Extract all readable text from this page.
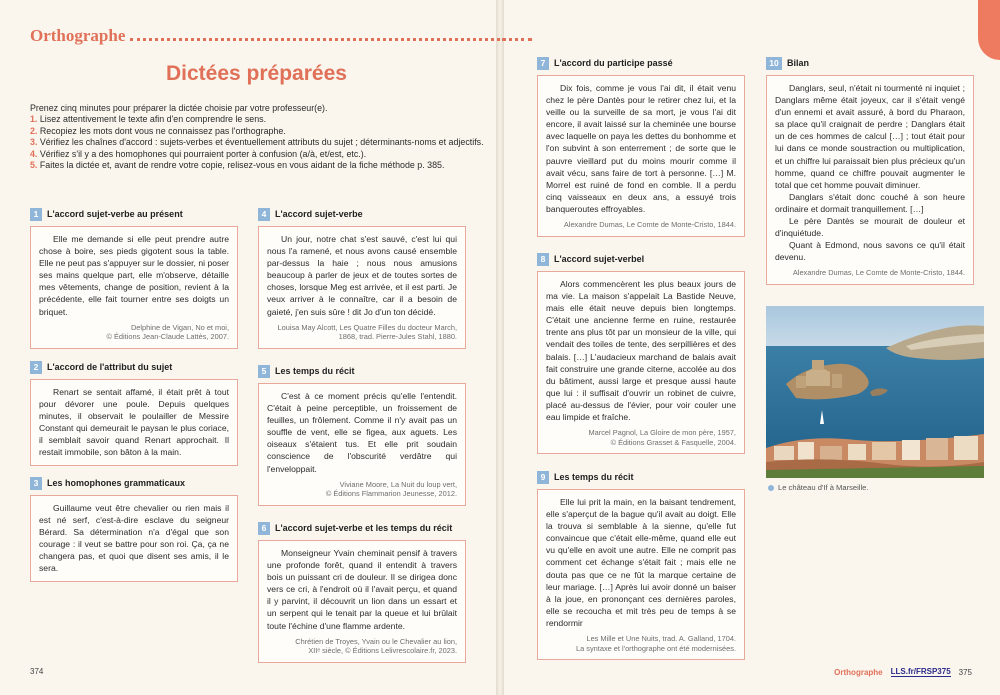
Orthographe
Dictées préparées

Prenez cinq minutes pour préparer la dictée choisie par votre professeur(e).

1. Lisez attentivement le texte afin d'en comprendre le sens.
2. Recopiez les mots dont vous ne connaissez pas l'orthographe.
3. Vérifiez les chaînes d'accord : sujets-verbes et éventuellement attributs du sujet ; déterminants-noms et adjectifs.
4. Vérifiez s'il y a des homophones qui pourraient porter à confusion (a/à, et/est, etc.).
5. Faites la dictée et, avant de rendre votre copie, relisez-vous en vous aidant de la fiche méthode p. 385.
1 L'accord sujet-verbe au présent

Elle me demande si elle peut prendre autre chose à boire, ses pieds gigotent sous la table. Elle ne peut pas s'appuyer sur le dossier, ni poser ses mains quelque part, elle m'observe, détaille mes vêtements, change de position, revient à la précédente, elle fait tourner entre ses doigts un briquet.

Delphine de Vigan, No et moi,
© Éditions Jean-Claude Lattès, 2007.

2 L'accord de l'attribut du sujet

Renart se sentait affamé, il était prêt à tout pour dévorer une poule. Depuis quelques minutes, il observait le poulailler de Messire Constant qui demeurait le paysan le plus coriace, il semblait savoir quand Renart approchait. Il restait immobile, son bâton à la main.

3 Les homophones grammaticaux

Guillaume veut être chevalier ou rien mais il est né serf, c'est-à-dire esclave du seigneur Bérard. Sa détermination n'a d'égal que son courage : il veut se battre pour son roi. Ça, ça ne changera pas, et quoi que disent ses amis, il le sera.

4 L'accord sujet-verbe

Un jour, notre chat s'est sauvé, c'est lui qui nous l'a ramené, et nous avons causé ensemble par-dessus la haie ; nous nous amusions beaucoup à parler de jeux et de toutes sortes de choses, lorsque Meg est arrivée, et il est parti. Je veux arriver à le connaître, car il a besoin de gaieté, j'en suis sûre ! dit Jo d'un ton décidé.

Louisa May Alcott, Les Quatre Filles du docteur March,
1868, trad. Pierre-Jules Stahl, 1880.

5 Les temps du récit

C'est à ce moment précis qu'elle l'entendit. C'était à peine perceptible, un froissement de feuilles, un frôlement. Comme il n'y avait pas un souffle de vent, elle se figea, aux aguets. Les oiseaux s'étaient tus. Et elle prit soudain conscience de l'obscurité verdâtre qui l'enveloppait.

Viviane Moore, La Nuit du loup vert,
© Éditions Flammarion Jeunesse, 2012.

6 L'accord sujet-verbe et les temps du récit

Monseigneur Yvain cheminait pensif à travers une profonde forêt, quand il entendit à travers bois un puissant cri de douleur. Il se dirigea donc vers ce cri, à l'endroit où il l'avait perçu, et quand il y parvint, il découvrit un lion dans un essart et un serpent qui le tenait par la queue et lui brûlait toute l'échine d'une flamme ardente.

Chrétien de Troyes, Yvain ou le Chevalier au lion,
XIIᵉ siècle, © Éditions Lelivrescolaire.fr, 2023.

7 L'accord du participe passé

Dix fois, comme je vous l'ai dit, il était venu chez le père Dantès pour le retirer chez lui, et la veille ou la surveille de sa mort, je vous l'ai dit encore, il avait laissé sur la cheminée une bourse avec laquelle on paya les dettes du bonhomme et l'on subvint à son enterrement ; de sorte que le pauvre vieillard put du moins mourir comme il avait vécu, sans faire de tort à personne. […] M. Morrel est ruiné de fond en comble. Il a perdu cinq vaisseaux en deux ans, a essuyé trois banqueroutes effroyables.

Alexandre Dumas, Le Comte de Monte-Cristo, 1844.

8 L'accord sujet-verbel

Alors commencèrent les plus beaux jours de ma vie. La maison s'appelait La Bastide Neuve, mais elle était neuve depuis bien longtemps. C'était une ancienne ferme en ruine, restaurée trente ans plus tôt par un monsieur de la ville, qui vendait des toiles de tente, des serpillières et des balais. […] L'audacieux marchand de balais avait fait construire une grande citerne, accolée au dos du bâtiment, aussi large et presque aussi haute que lui : il suffisait d'ouvrir un robinet de cuivre, placé au-dessus de l'évier, pour voir couler une eau limpide et fraîche.

Marcel Pagnol, La Gloire de mon père, 1957,
© Éditions Grasset & Fasquelle, 2004.

9 Les temps du récit

Elle lui prit la main, en la baisant tendrement, elle s'aperçut de la bague qu'il avait au doigt. Elle la trouva si semblable à la sienne, qu'elle fut convaincue que c'était elle-même, quand elle eut vu qu'elle en avoit une autre. Elle ne comprit pas comment cet échange s'était fait ; mais elle ne douta pas que ce ne fût la marque certaine de leur mariage. […] Après lui avoir donné un baiser à la joue, en prononçant ces dernières paroles, elle se recoucha et mit très peu de temps à se rendormir

Les Mille et Une Nuits, trad. A. Galland, 1704.
La syntaxe et l'orthographe ont été modernisées.

10 Bilan

Danglars, seul, n'était ni tourmenté ni inquiet ; Danglars même était joyeux, car il s'était vengé d'un ennemi et avait assuré, à bord du Pharaon, sa place qu'il craignait de perdre ; Danglars était un de ces hommes de calcul […] ; tout était pour lui dans ce monde soustraction ou multiplication, et un chiffre lui paraissait bien plus précieux qu'un homme, quand ce chiffre pouvait augmenter le total que cet homme pouvait diminuer.

Danglars s'était donc couché à son heure ordinaire et dormait tranquillement. […]

Le père Dantès se mourait de douleur et d'inquiétude.

Quant à Edmond, nous savons ce qu'il était devenu.

Alexandre Dumas, Le Comte de Monte-Cristo, 1844.

Le château d'If à Marseille.
374	Orthographe LLS.fr/FRSP375 375
